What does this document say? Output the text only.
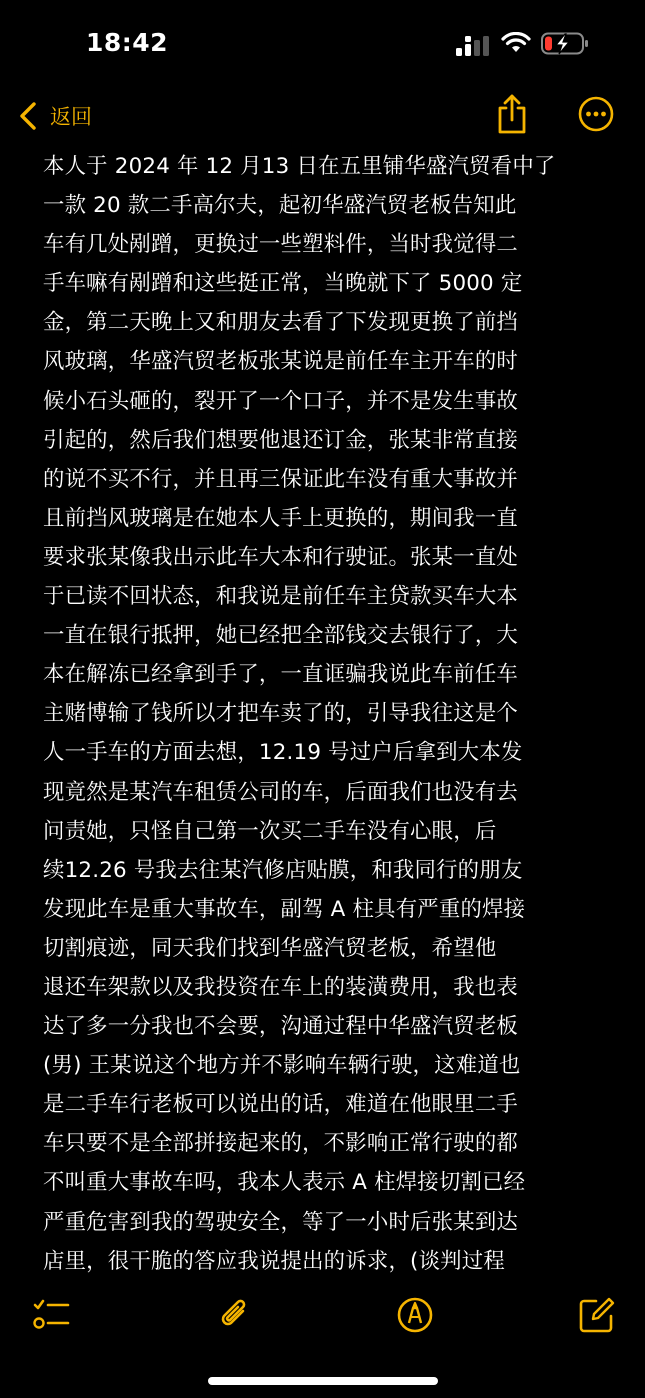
18:42
返回
本人于 2024 年 12 月13 日在五里铺华盛汽贸看中了
一款 20 款二手高尔夫，起初华盛汽贸老板告知此
车有几处剐蹭，更换过一些塑料件，当时我觉得二
手车嘛有剐蹭和这些挺正常，当晚就下了 5000 定
金，第二天晚上又和朋友去看了下发现更换了前挡
风玻璃，华盛汽贸老板张某说是前任车主开车的时
候小石头砸的，裂开了一个口子，并不是发生事故
引起的，然后我们想要他退还订金，张某非常直接
的说不买不行，并且再三保证此车没有重大事故并
且前挡风玻璃是在她本人手上更换的，期间我一直
要求张某像我出示此车大本和行驶证。张某一直处
于已读不回状态，和我说是前任车主贷款买车大本
一直在银行抵押，她已经把全部钱交去银行了，大
本在解冻已经拿到手了，一直诓骗我说此车前任车
主赌博输了钱所以才把车卖了的，引导我往这是个
人一手车的方面去想，12.19 号过户后拿到大本发
现竟然是某汽车租赁公司的车，后面我们也没有去
问责她，只怪自己第一次买二手车没有心眼，后
续12.26 号我去往某汽修店贴膜，和我同行的朋友
发现此车是重大事故车，副驾 A 柱具有严重的焊接
切割痕迹，同天我们找到华盛汽贸老板，希望他
退还车架款以及我投资在车上的装潢费用，我也表
达了多一分我也不会要，沟通过程中华盛汽贸老板
(男) 王某说这个地方并不影响车辆行驶，这难道也
是二手车行老板可以说出的话，难道在他眼里二手
车只要不是全部拼接起来的，不影响正常行驶的都
不叫重大事故车吗，我本人表示 A 柱焊接切割已经
严重危害到我的驾驶安全，等了一小时后张某到达
店里，很干脆的答应我说提出的诉求，(谈判过程
